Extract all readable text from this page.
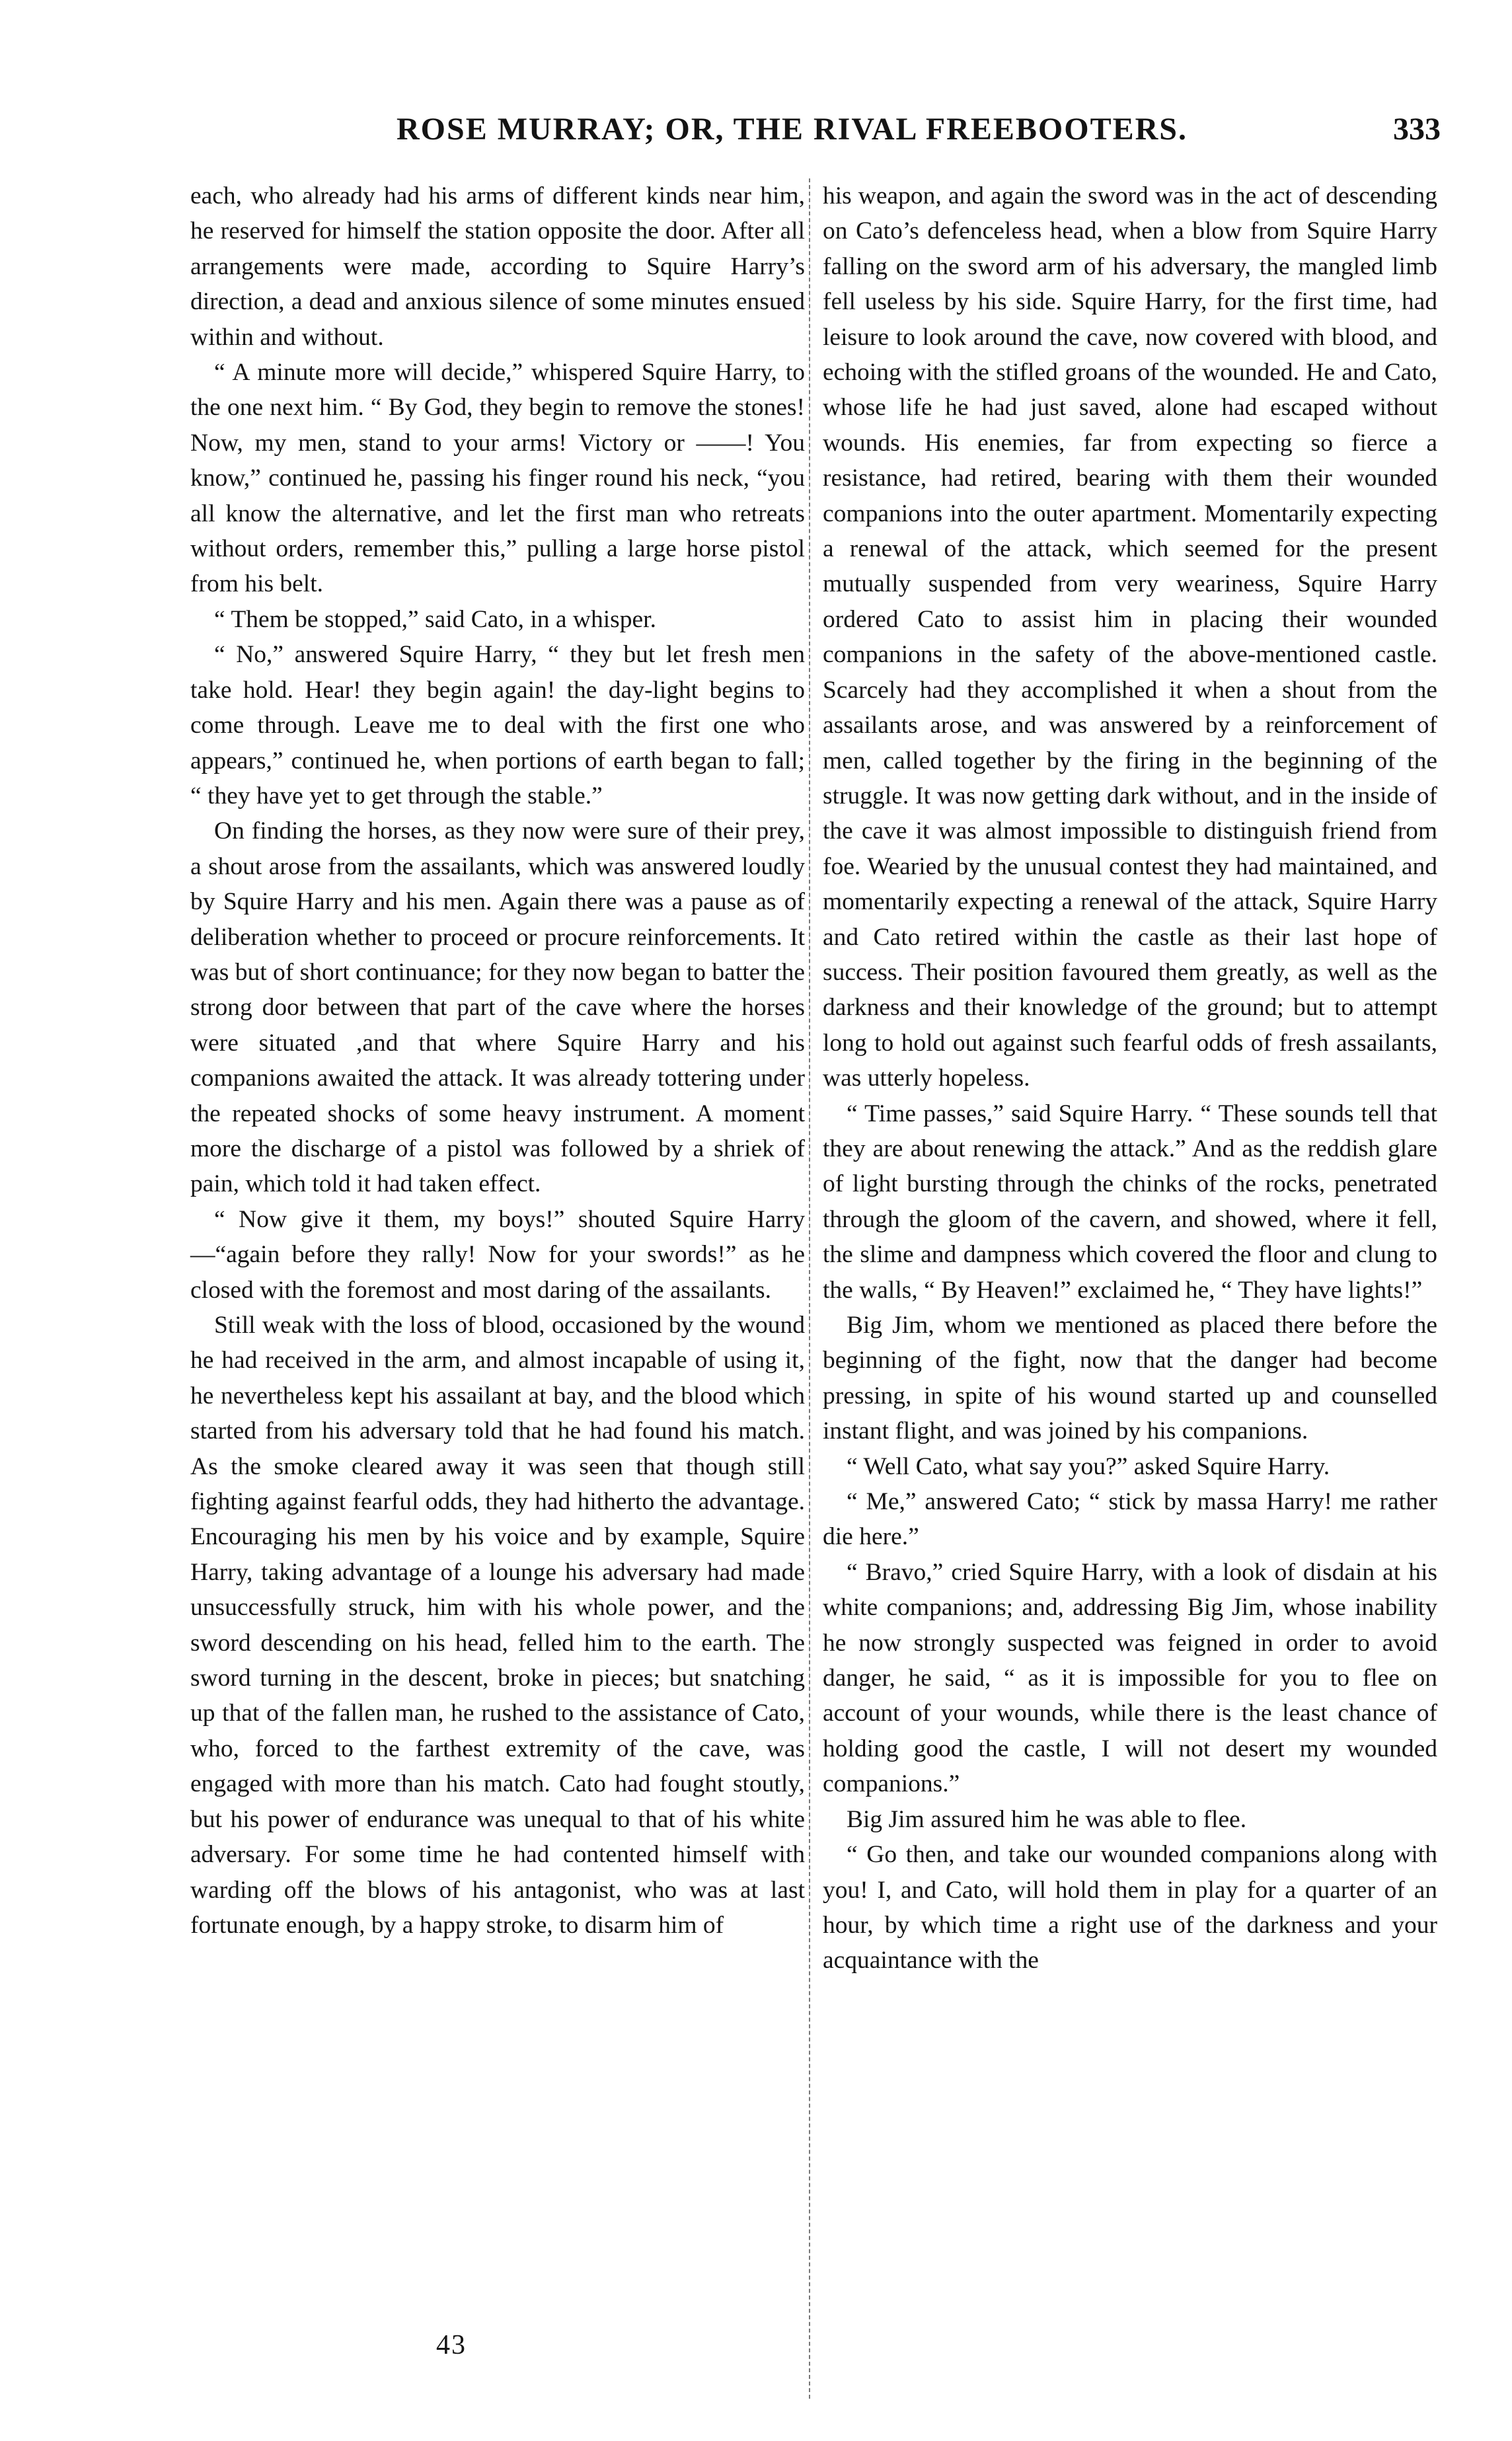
ROSE MURRAY; OR, THE RIVAL FREEBOOTERS.	333

each, who already had his arms of different kinds near him, he reserved for himself the station opposite the door. After all arrangements were made, according to Squire Harry’s direction, a dead and anxious silence of some minutes ensued within and without.

“ A minute more will decide,” whispered Squire Harry, to the one next him. “ By God, they begin to remove the stones! Now, my men, stand to your arms! Victory or ——! You know,” continued he, passing his finger round his neck, “you all know the alternative, and let the first man who retreats without orders, remember this,” pulling a large horse pistol from his belt.

“ Them be stopped,” said Cato, in a whisper.

“ No,” answered Squire Harry, “ they but let fresh men take hold. Hear! they begin again! the day-light begins to come through. Leave me to deal with the first one who appears,” continued he, when portions of earth began to fall; “ they have yet to get through the stable.”

On finding the horses, as they now were sure of their prey, a shout arose from the assailants, which was answered loudly by Squire Harry and his men. Again there was a pause as of deliberation whether to proceed or procure reinforcements. It was but of short continuance; for they now began to batter the strong door between that part of the cave where the horses were situated ,and that where Squire Harry and his companions awaited the attack. It was already tottering under the repeated shocks of some heavy instrument. A moment more the discharge of a pistol was followed by a shriek of pain, which told it had taken effect.

“ Now give it them, my boys!” shouted Squire Harry—“again before they rally! Now for your swords!” as he closed with the foremost and most daring of the assailants.

Still weak with the loss of blood, occasioned by the wound he had received in the arm, and almost incapable of using it, he nevertheless kept his assailant at bay, and the blood which started from his adversary told that he had found his match. As the smoke cleared away it was seen that though still fighting against fearful odds, they had hitherto the advantage. Encouraging his men by his voice and by example, Squire Harry, taking advantage of a lounge his adversary had made unsuccessfully struck, him with his whole power, and the sword descending on his head, felled him to the earth. The sword turning in the descent, broke in pieces; but snatching up that of the fallen man, he rushed to the assistance of Cato, who, forced to the farthest extremity of the cave, was engaged with more than his match. Cato had fought stoutly, but his power of endurance was unequal to that of his white adversary. For some time he had contented himself with warding off the blows of his antagonist, who was at last fortunate enough, by a happy stroke, to disarm him of

his weapon, and again the sword was in the act of descending on Cato’s defenceless head, when a blow from Squire Harry falling on the sword arm of his adversary, the mangled limb fell useless by his side. Squire Harry, for the first time, had leisure to look around the cave, now covered with blood, and echoing with the stifled groans of the wounded. He and Cato, whose life he had just saved, alone had escaped without wounds. His enemies, far from expecting so fierce a resistance, had retired, bearing with them their wounded companions into the outer apartment. Momentarily expecting a renewal of the attack, which seemed for the present mutually suspended from very weariness, Squire Harry ordered Cato to assist him in placing their wounded companions in the safety of the above-mentioned castle. Scarcely had they accomplished it when a shout from the assailants arose, and was answered by a reinforcement of men, called together by the firing in the beginning of the struggle. It was now getting dark without, and in the inside of the cave it was almost impossible to distinguish friend from foe. Wearied by the unusual contest they had maintained, and momentarily expecting a renewal of the attack, Squire Harry and Cato retired within the castle as their last hope of success. Their position favoured them greatly, as well as the darkness and their knowledge of the ground; but to attempt long to hold out against such fearful odds of fresh assailants, was utterly hopeless.

“ Time passes,” said Squire Harry. “ These sounds tell that they are about renewing the attack.” And as the reddish glare of light bursting through the chinks of the rocks, penetrated through the gloom of the cavern, and showed, where it fell, the slime and dampness which covered the floor and clung to the walls, “ By Heaven!” exclaimed he, “ They have lights!”

Big Jim, whom we mentioned as placed there before the beginning of the fight, now that the danger had become pressing, in spite of his wound started up and counselled instant flight, and was joined by his companions.

“ Well Cato, what say you?” asked Squire Harry.

“ Me,” answered Cato; “ stick by massa Harry! me rather die here.”

“ Bravo,” cried Squire Harry, with a look of disdain at his white companions; and, addressing Big Jim, whose inability he now strongly suspected was feigned in order to avoid danger, he said, “ as it is impossible for you to flee on account of your wounds, while there is the least chance of holding good the castle, I will not desert my wounded companions.”

Big Jim assured him he was able to flee.

“ Go then, and take our wounded companions along with you! I, and Cato, will hold them in play for a quarter of an hour, by which time a right use of the darkness and your acquaintance with the

43
